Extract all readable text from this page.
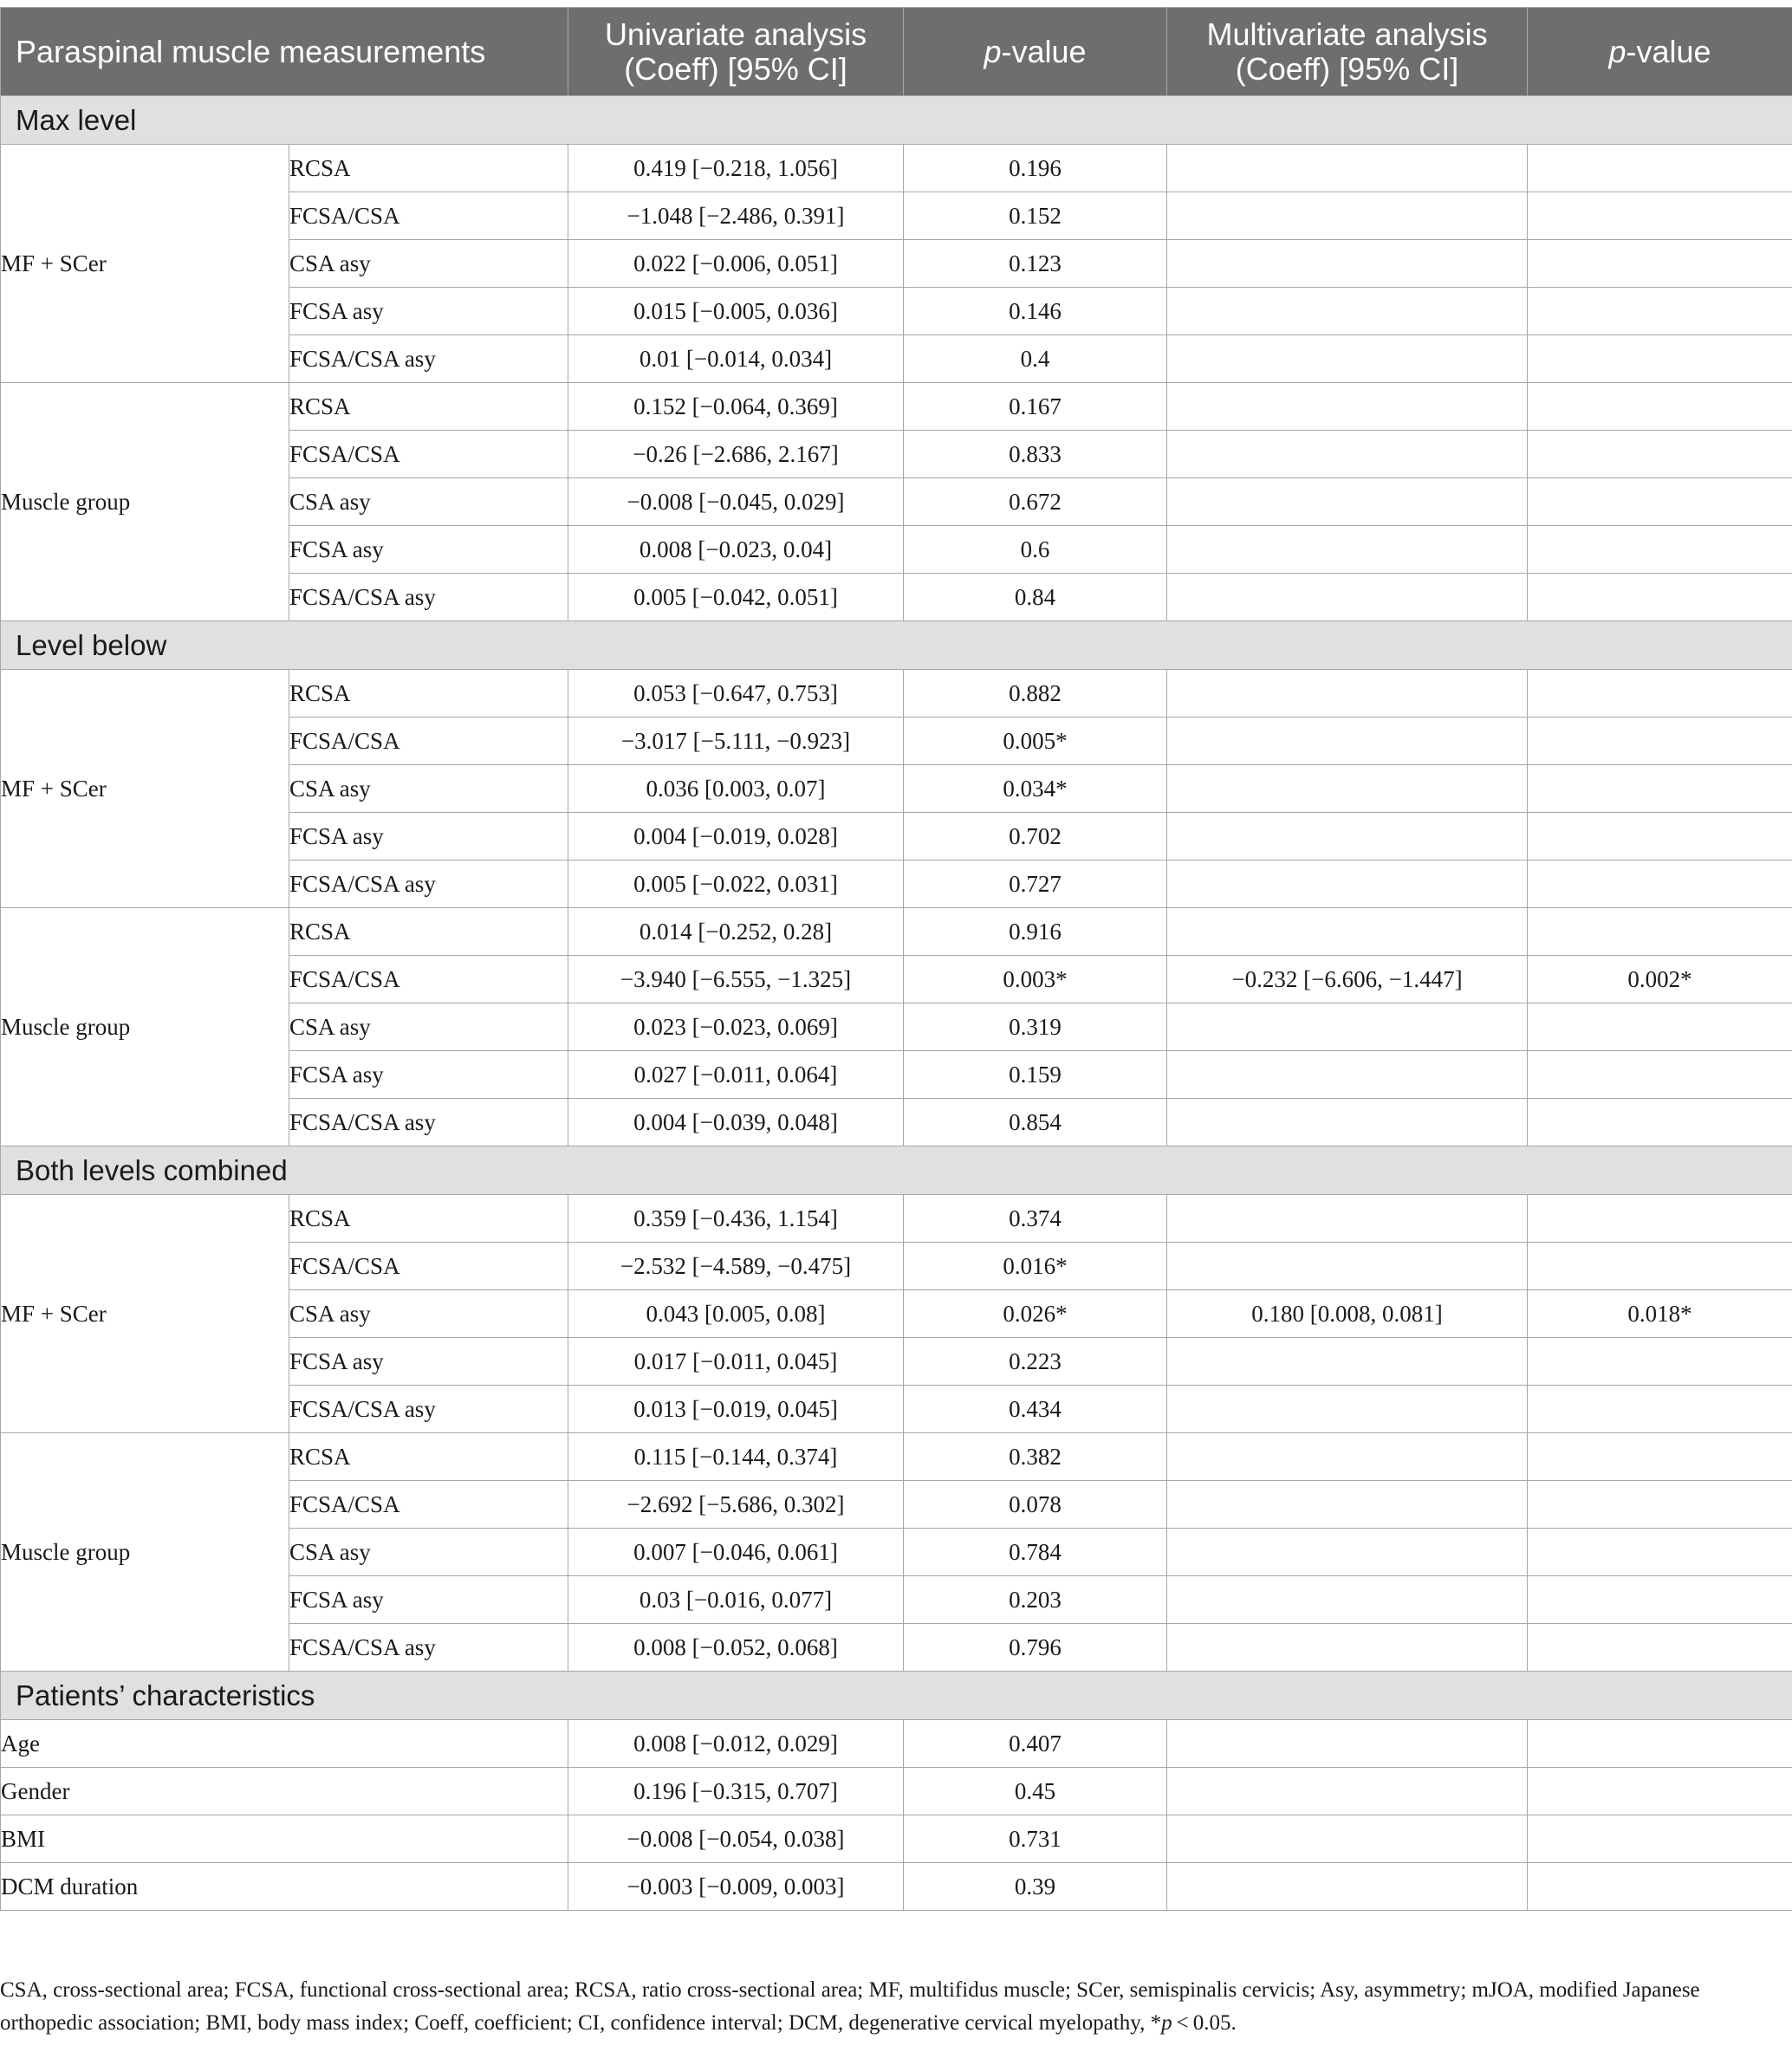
Paraspinal muscle measurements		Univariate analysis (Coeff) [95% CI]	p-value	Multivariate analysis (Coeff) [95% CI]	p-value
Max level					
MF + SCer	RCSA	0.419 [−0.218, 1.056]	0.196		
	FCSA/CSA	−1.048 [−2.486, 0.391]	0.152		
	CSA asy	0.022 [−0.006, 0.051]	0.123		
	FCSA asy	0.015 [−0.005, 0.036]	0.146		
	FCSA/CSA asy	0.01 [−0.014, 0.034]	0.4		
Muscle group	RCSA	0.152 [−0.064, 0.369]	0.167		
	FCSA/CSA	−0.26 [−2.686, 2.167]	0.833		
	CSA asy	−0.008 [−0.045, 0.029]	0.672		
	FCSA asy	0.008 [−0.023, 0.04]	0.6		
	FCSA/CSA asy	0.005 [−0.042, 0.051]	0.84		
Level below					
MF + SCer	RCSA	0.053 [−0.647, 0.753]	0.882		
	FCSA/CSA	−3.017 [−5.111, −0.923]	0.005*		
	CSA asy	0.036 [0.003, 0.07]	0.034*		
	FCSA asy	0.004 [−0.019, 0.028]	0.702		
	FCSA/CSA asy	0.005 [−0.022, 0.031]	0.727		
Muscle group	RCSA	0.014 [−0.252, 0.28]	0.916		
	FCSA/CSA	−3.940 [−6.555, −1.325]	0.003*	−0.232 [−6.606, −1.447]	0.002*
	CSA asy	0.023 [−0.023, 0.069]	0.319		
	FCSA asy	0.027 [−0.011, 0.064]	0.159		
	FCSA/CSA asy	0.004 [−0.039, 0.048]	0.854		
Both levels combined					
MF + SCer	RCSA	0.359 [−0.436, 1.154]	0.374		
	FCSA/CSA	−2.532 [−4.589, −0.475]	0.016*		
	CSA asy	0.043 [0.005, 0.08]	0.026*	0.180 [0.008, 0.081]	0.018*
	FCSA asy	0.017 [−0.011, 0.045]	0.223		
	FCSA/CSA asy	0.013 [−0.019, 0.045]	0.434		
Muscle group	RCSA	0.115 [−0.144, 0.374]	0.382		
	FCSA/CSA	−2.692 [−5.686, 0.302]	0.078		
	CSA asy	0.007 [−0.046, 0.061]	0.784		
	FCSA asy	0.03 [−0.016, 0.077]	0.203		
	FCSA/CSA asy	0.008 [−0.052, 0.068]	0.796		
Patients’ characteristics					
Age		0.008 [−0.012, 0.029]	0.407		
Gender		0.196 [−0.315, 0.707]	0.45		
BMI		−0.008 [−0.054, 0.038]	0.731		
DCM duration		−0.003 [−0.009, 0.003]	0.39		
CSA, cross-sectional area; FCSA, functional cross-sectional area; RCSA, ratio cross-sectional area; MF, multifidus muscle; SCer, semispinalis cervicis; Asy, asymmetry; mJOA, modified Japanese orthopedic association; BMI, body mass index; Coeff, coefficient; CI, confidence interval; DCM, degenerative cervical myelopathy, *p < 0.05.
